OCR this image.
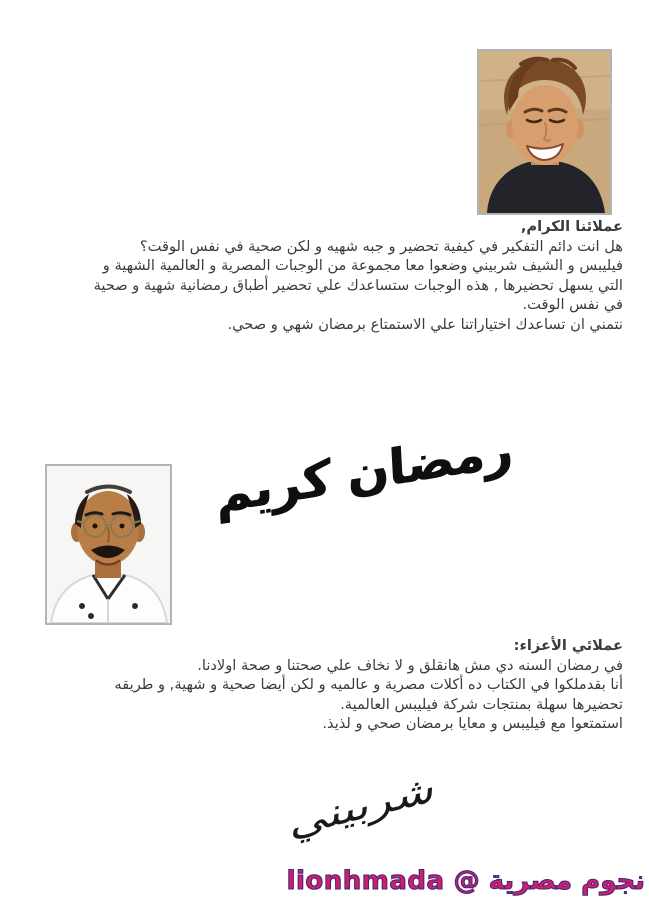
عملائنا الكرام,
هل انت دائم التفكير في كيفية تحضير و جبه شهيه و لكن صحية في نفس الوقت؟
فيليبس و الشيف شربيني وضعوا معا مجموعة من الوجبات المصرية و العالمية الشهية و
التي يسهل تحضيرها , هذه الوجبات ستساعدك علي تحضير أطباق رمضانية شهية و صحية
في نفس الوقت.
نتمني ان تساعدك اختياراتنا علي الاستمتاع برمضان شهي و صحي.
رمضان كريم
عملائي الأعزاء:
في رمضان السنه دي مش هانقلق و لا نخاف علي صحتنا و صحة اولادنا.
أنا بقدملكوا في الكتاب ده أكلات مصرية و عالميه و لكن أيضا صحية و شهية, و طريقه
تحضيرها سهلة بمنتجات شركة فيليبس العالمية.
استمتعوا مع فيليبس و معايا برمضان صحي و لذيذ.
شربيني
نجوم مصرية @ lionhmada
